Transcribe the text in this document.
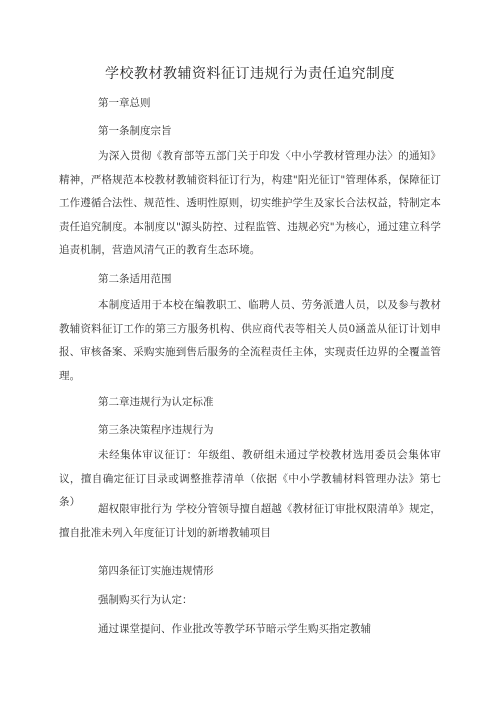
学校教材教辅资料征订违规行为责任追究制度
第一章总则
第一条制度宗旨
为深入贯彻《教育部等五部门关于印发〈中小学教材管理办法〉的通知》精神，严格规范本校教材教辅资料征订行为，构建"阳光征订"管理体系，保障征订工作遵循合法性、规范性、透明性原则，切实维护学生及家长合法权益，特制定本责任追究制度。本制度以"源头防控、过程监管、违规必究"为核心，通过建立科学追责机制，营造风清气正的教育生态环境。
第二条适用范围
本制度适用于本校在编教职工、临聘人员、劳务派遣人员，以及参与教材教辅资料征订工作的第三方服务机构、供应商代表等相关人员0涵盖从征订计划申报、审核备案、采购实施到售后服务的全流程责任主体，实现责任边界的全覆盖管理。
第二章违规行为认定标准
第三条决策程序违规行为
未经集体审议征订：年级组、教研组未通过学校教材选用委员会集体审议，擅自确定征订目录或调整推荐清单（依据《中小学教辅材料管理办法》第七条）
超权限审批行为 学校分管领导擅自超越《教材征订审批权限清单》规定，擅自批准未列入年度征订计划的新增教辅项目
第四条征订实施违规情形
强制购买行为认定：
通过课堂提问、作业批改等教学环节暗示学生购买指定教辅
